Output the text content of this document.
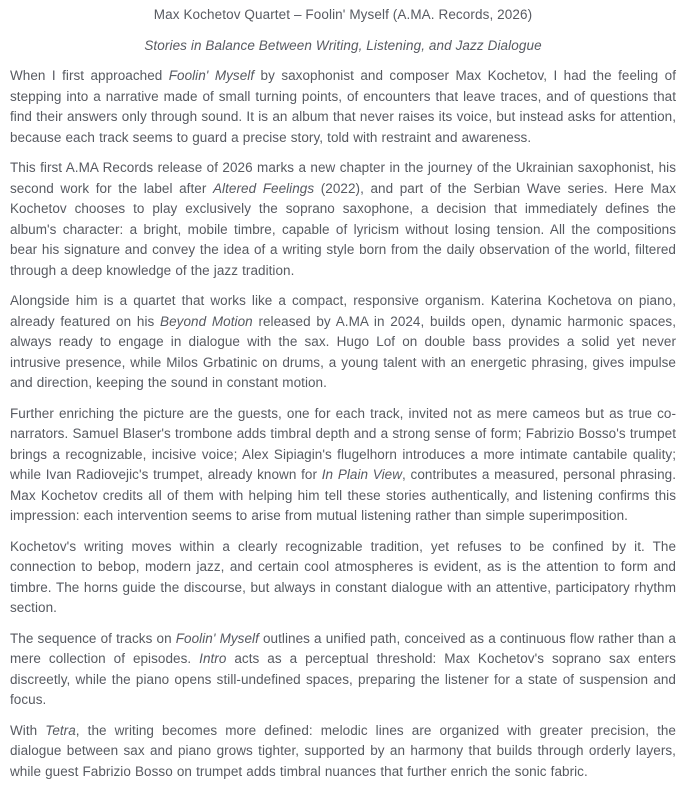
Max Kochetov Quartet – Foolin' Myself (A.MA. Records, 2026)
Stories in Balance Between Writing, Listening, and Jazz Dialogue

When I first approached Foolin' Myself by saxophonist and composer Max Kochetov, I had the feeling of stepping into a narrative made of small turning points, of encounters that leave traces, and of questions that find their answers only through sound. It is an album that never raises its voice, but instead asks for attention, because each track seems to guard a precise story, told with restraint and awareness.

This first A.MA Records release of 2026 marks a new chapter in the journey of the Ukrainian saxophonist, his second work for the label after Altered Feelings (2022), and part of the Serbian Wave series. Here Max Kochetov chooses to play exclusively the soprano saxophone, a decision that immediately defines the album's character: a bright, mobile timbre, capable of lyricism without losing tension. All the compositions bear his signature and convey the idea of a writing style born from the daily observation of the world, filtered through a deep knowledge of the jazz tradition.

Alongside him is a quartet that works like a compact, responsive organism. Katerina Kochetova on piano, already featured on his Beyond Motion released by A.MA in 2024, builds open, dynamic harmonic spaces, always ready to engage in dialogue with the sax. Hugo Lof on double bass provides a solid yet never intrusive presence, while Milos Grbatinic on drums, a young talent with an energetic phrasing, gives impulse and direction, keeping the sound in constant motion.

Further enriching the picture are the guests, one for each track, invited not as mere cameos but as true co-narrators. Samuel Blaser's trombone adds timbral depth and a strong sense of form; Fabrizio Bosso's trumpet brings a recognizable, incisive voice; Alex Sipiagin's flugelhorn introduces a more intimate cantabile quality; while Ivan Radiovejic's trumpet, already known for In Plain View, contributes a measured, personal phrasing. Max Kochetov credits all of them with helping him tell these stories authentically, and listening confirms this impression: each intervention seems to arise from mutual listening rather than simple superimposition.

Kochetov's writing moves within a clearly recognizable tradition, yet refuses to be confined by it. The connection to bebop, modern jazz, and certain cool atmospheres is evident, as is the attention to form and timbre. The horns guide the discourse, but always in constant dialogue with an attentive, participatory rhythm section.

The sequence of tracks on Foolin' Myself outlines a unified path, conceived as a continuous flow rather than a mere collection of episodes. Intro acts as a perceptual threshold: Max Kochetov's soprano sax enters discreetly, while the piano opens still-undefined spaces, preparing the listener for a state of suspension and focus.

With Tetra, the writing becomes more defined: melodic lines are organized with greater precision, the dialogue between sax and piano grows tighter, supported by an harmony that builds through orderly layers, while guest Fabrizio Bosso on trumpet adds timbral nuances that further enrich the sonic fabric.
